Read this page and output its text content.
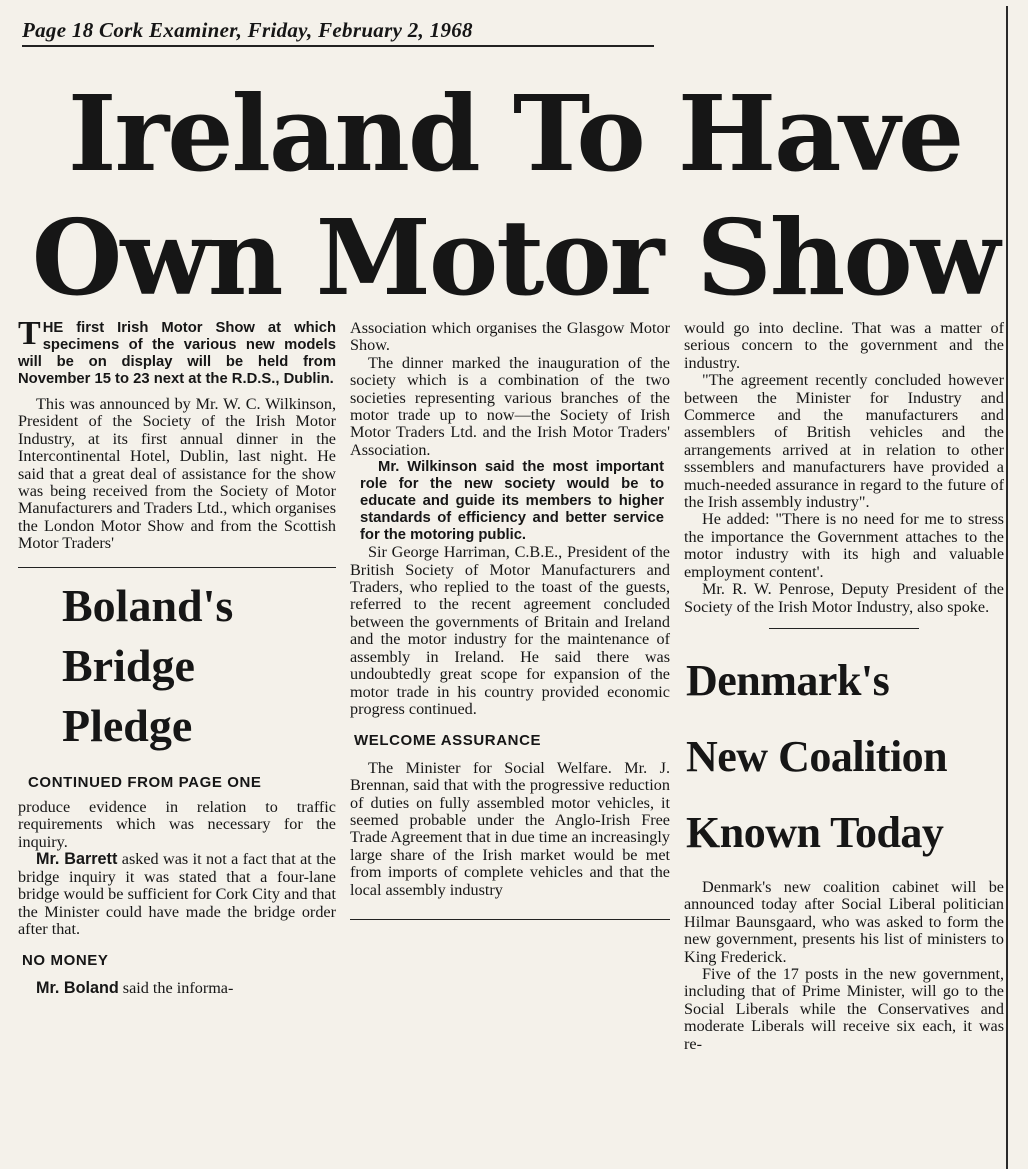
Page 18 Cork Examiner, Friday, February 2, 1968
Ireland To Have
Own Motor Show

THE first Irish Motor Show at which specimens of the various new models will be on display will be held from November 15 to 23 next at the R.D.S., Dublin.

This was announced by Mr. W. C. Wilkinson, President of the Society of the Irish Motor Industry, at its first annual dinner in the Intercontinental Hotel, Dublin, last night. He said that a great deal of assistance for the show was being received from the Society of Motor Manufacturers and Traders Ltd., which organises the London Motor Show and from the Scottish Motor Traders'

Boland's
Bridge
Pledge
CONTINUED FROM PAGE ONE

produce evidence in relation to traffic requirements which was necessary for the inquiry.

Mr. Barrett asked was it not a fact that at the bridge inquiry it was stated that a four-lane bridge would be sufficient for Cork City and that the Minister could have made the bridge order after that.

NO MONEY

Mr. Boland said the informa-

Association which organises the Glasgow Motor Show.

The dinner marked the inauguration of the society which is a combination of the two societies representing various branches of the motor trade up to now—the Society of Irish Motor Traders Ltd. and the Irish Motor Traders' Association.

Mr. Wilkinson said the most important role for the new society would be to educate and guide its members to higher standards of efficiency and better service for the motoring public.

Sir George Harriman, C.B.E., President of the British Society of Motor Manufacturers and Traders, who replied to the toast of the guests, referred to the recent agreement concluded between the governments of Britain and Ireland and the motor industry for the maintenance of assembly in Ireland. He said there was undoubtedly great scope for expansion of the motor trade in his country provided economic progress continued.

WELCOME ASSURANCE

The Minister for Social Welfare. Mr. J. Brennan, said that with the progressive reduction of duties on fully assembled motor vehicles, it seemed probable under the Anglo-Irish Free Trade Agreement that in due time an increasingly large share of the Irish market would be met from imports of complete vehicles and that the local assembly industry

would go into decline. That was a matter of serious concern to the government and the industry.

"The agreement recently concluded however between the Minister for Industry and Commerce and the manufacturers and assemblers of British vehicles and the arrangements arrived at in relation to other sssemblers and manufacturers have provided a much-needed assurance in regard to the future of the Irish assembly industry".

He added: "There is no need for me to stress the importance the Government attaches to the motor industry with its high and valuable employment content'.

Mr. R. W. Penrose, Deputy President of the Society of the Irish Motor Industry, also spoke.

Denmark's
New Coalition
Known Today

Denmark's new coalition cabinet will be announced today after Social Liberal politician Hilmar Baunsgaard, who was asked to form the new government, presents his list of ministers to King Frederick.

Five of the 17 posts in the new government, including that of Prime Minister, will go to the Social Liberals while the Conservatives and moderate Liberals will receive six each, it was re-
